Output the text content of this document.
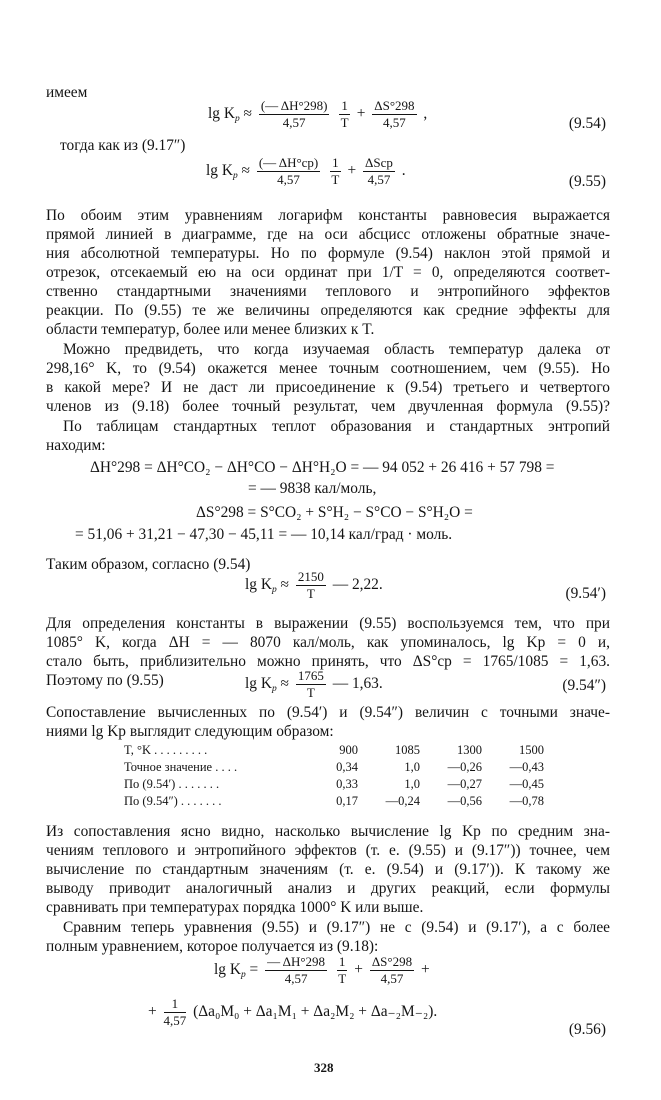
имеем
$\lg K_p \approx \frac{(— \Delta H^\circ 298)}{4,57}$
$\frac{1}{T} + \frac{\Delta S^\circ 298}{4,57}$ ,
(9.54)
тогда как из (9.17″)
$\lg K_p \approx \frac{(— \Delta H^\circ ср)}{4,57}$
$\frac{1}{T} + \frac{\text{ΔSср}}{4,57}$ .
(9.55)
По обоим этим уравнениям логарифм константы равновесия выражается
прямой линией в диаграмме, где на оси абсцисс отложены обратные значе-
ния абсолютной температуры. Но по формуле (9.54) наклон этой прямой и
отрезок, отсекаемый ею на оси ординат при 1/T = 0, определяются соответ-
ственно стандартными значениями теплового и энтропийного эффектов
реакции. По (9.55) те же величины определяются как средние эффекты для
области температур, более или менее близких к T.
Можно предвидеть, что когда изучаемая область температур далека от
298,16° K, то (9.54) окажется менее точным соотношением, чем (9.55). Но
в какой мере? И не даст ли присоединение к (9.54) третьего и четвертого
членов из (9.18) более точный результат, чем двучленная формула (9.55)?
По таблицам стандартных теплот образования и стандартных энтропий
находим:
ΔH°298 = ΔH°CO₂ − ΔH°CO − ΔH°H₂O = — 94 052 + 26 416 + 57 798 =
= — 9838 кал/моль,
ΔS°298 = S°CO₂ + S°H₂ − S°CO − S°H₂O =
= 51,06 + 31,21 − 47,30 − 45,11 = — 10,14 кал/град · моль.
Таким образом, согласно (9.54)
$\lg K_p \approx \frac{2150}{T}$ — 2,22.
(9.54′)
Для определения константы в выражении (9.55) воспользуемся тем, что при
1085° K, когда ΔH = — 8070 кал/моль, как упоминалось, lg Kp = 0 и,
стало быть, приблизительно можно принять, что ΔS°ср = 1765/1085 = 1,63.
Поэтому по (9.55)	$\lg K_p \approx \frac{1765}{T}$ — 1,63.	(9.54″)
Сопоставление вычисленных по (9.54′) и (9.54″) величин с точными значе-
ниями lg Kp выглядит следующим образом:
T, °K . . . . . . . . .	900	1085	1300	1500
Точное значение . . . .	0,34	1,0	—0,26	—0,43
По (9.54′) . . . . . . .	0,33	1,0	—0,27	—0,45
По (9.54″) . . . . . . .	0,17	—0,24	—0,56	—0,78
Из сопоставления ясно видно, насколько вычисление lg Kp по средним зна-
чениям теплового и энтропийного эффектов (т. е. (9.55) и (9.17″)) точнее, чем
вычисление по стандартным значениям (т. е. (9.54) и (9.17′)). К такому же
выводу приводит аналогичный анализ и других реакций, если формулы
сравнивать при температурах порядка 1000° K или выше.
Сравним теперь уравнения (9.55) и (9.17″) не с (9.54) и (9.17′), а с более
полным уравнением, которое получается из (9.18):
$\lg K_p = \frac{— \Delta H^\circ 298}{4,57}$
$\frac{1}{T} + \frac{\Delta S^\circ 298}{4,57}$ +
+ $\frac{1}{4,57} (\Delta a_0M_0 + \Delta a_1M_1 + \Delta a_2M_2 + \Delta a_{-2}M_{-2})$.
(9.56)
328
